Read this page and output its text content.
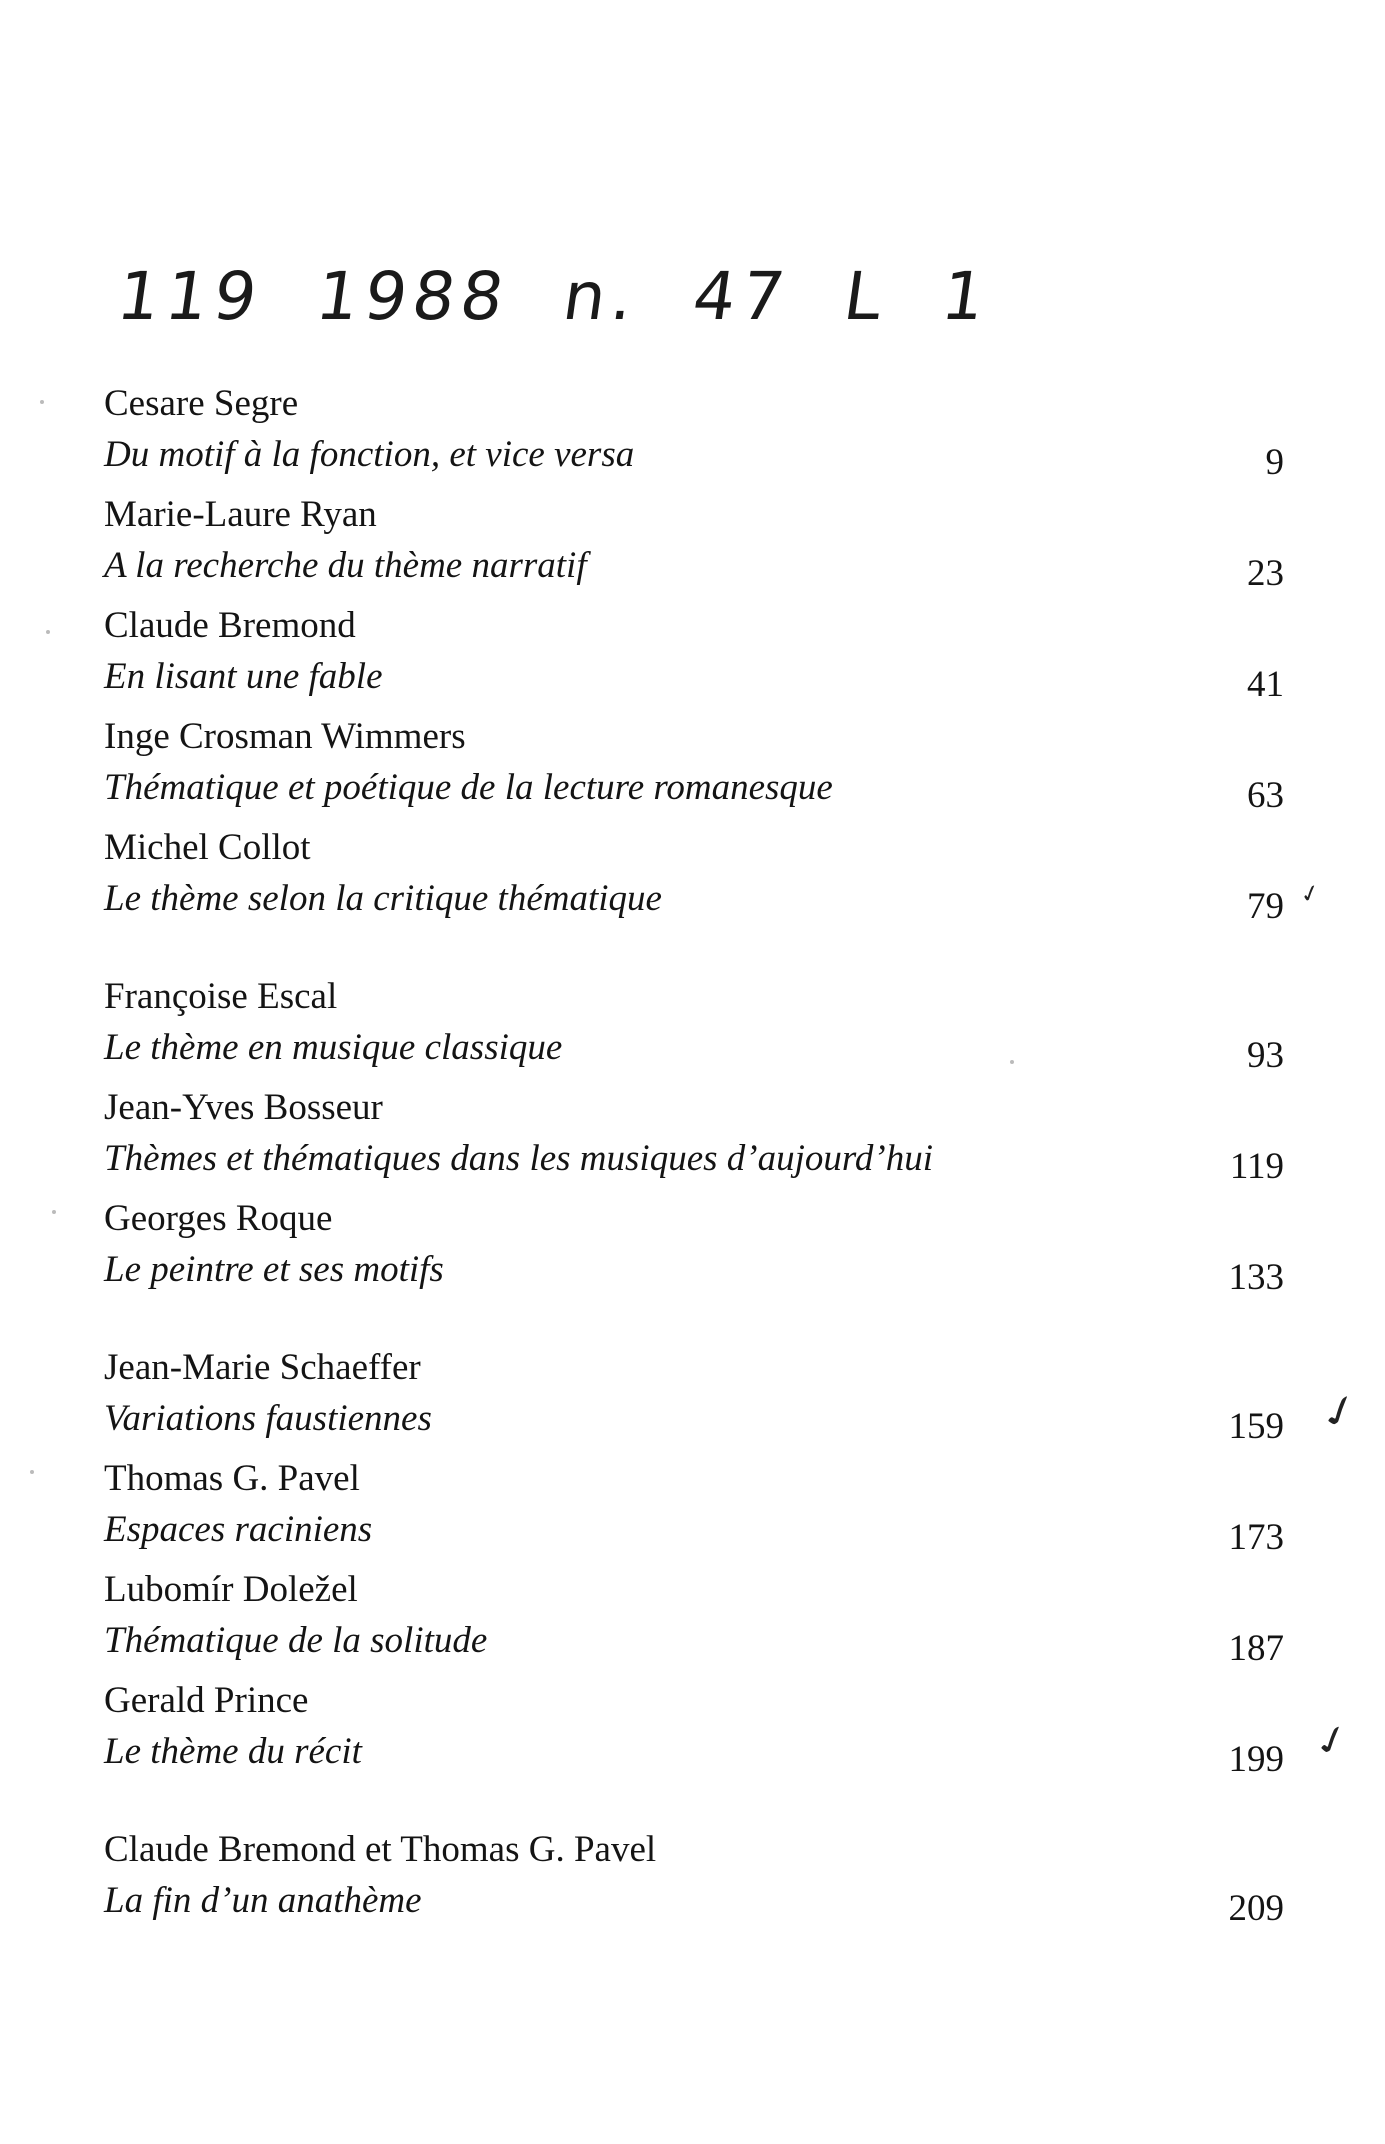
119 1988 n. 47 L 1
Cesare Segre
Du motif à la fonction, et vice versa	9
Marie-Laure Ryan
A la recherche du thème narratif	23
Claude Bremond
En lisant une fable	41
Inge Crosman Wimmers
Thématique et poétique de la lecture romanesque	63
Michel Collot
Le thème selon la critique thématique	79 ✓
Françoise Escal
Le thème en musique classique	93
Jean-Yves Bosseur
Thèmes et thématiques dans les musiques d’aujourd’hui	119
Georges Roque
Le peintre et ses motifs	133
Jean-Marie Schaeffer
Variations faustiennes	159 ✓
Thomas G. Pavel
Espaces raciniens	173
Lubomír Doležel
Thématique de la solitude	187
Gerald Prince
Le thème du récit	199 ✓
Claude Bremond et Thomas G. Pavel
La fin d’un anathème	209
